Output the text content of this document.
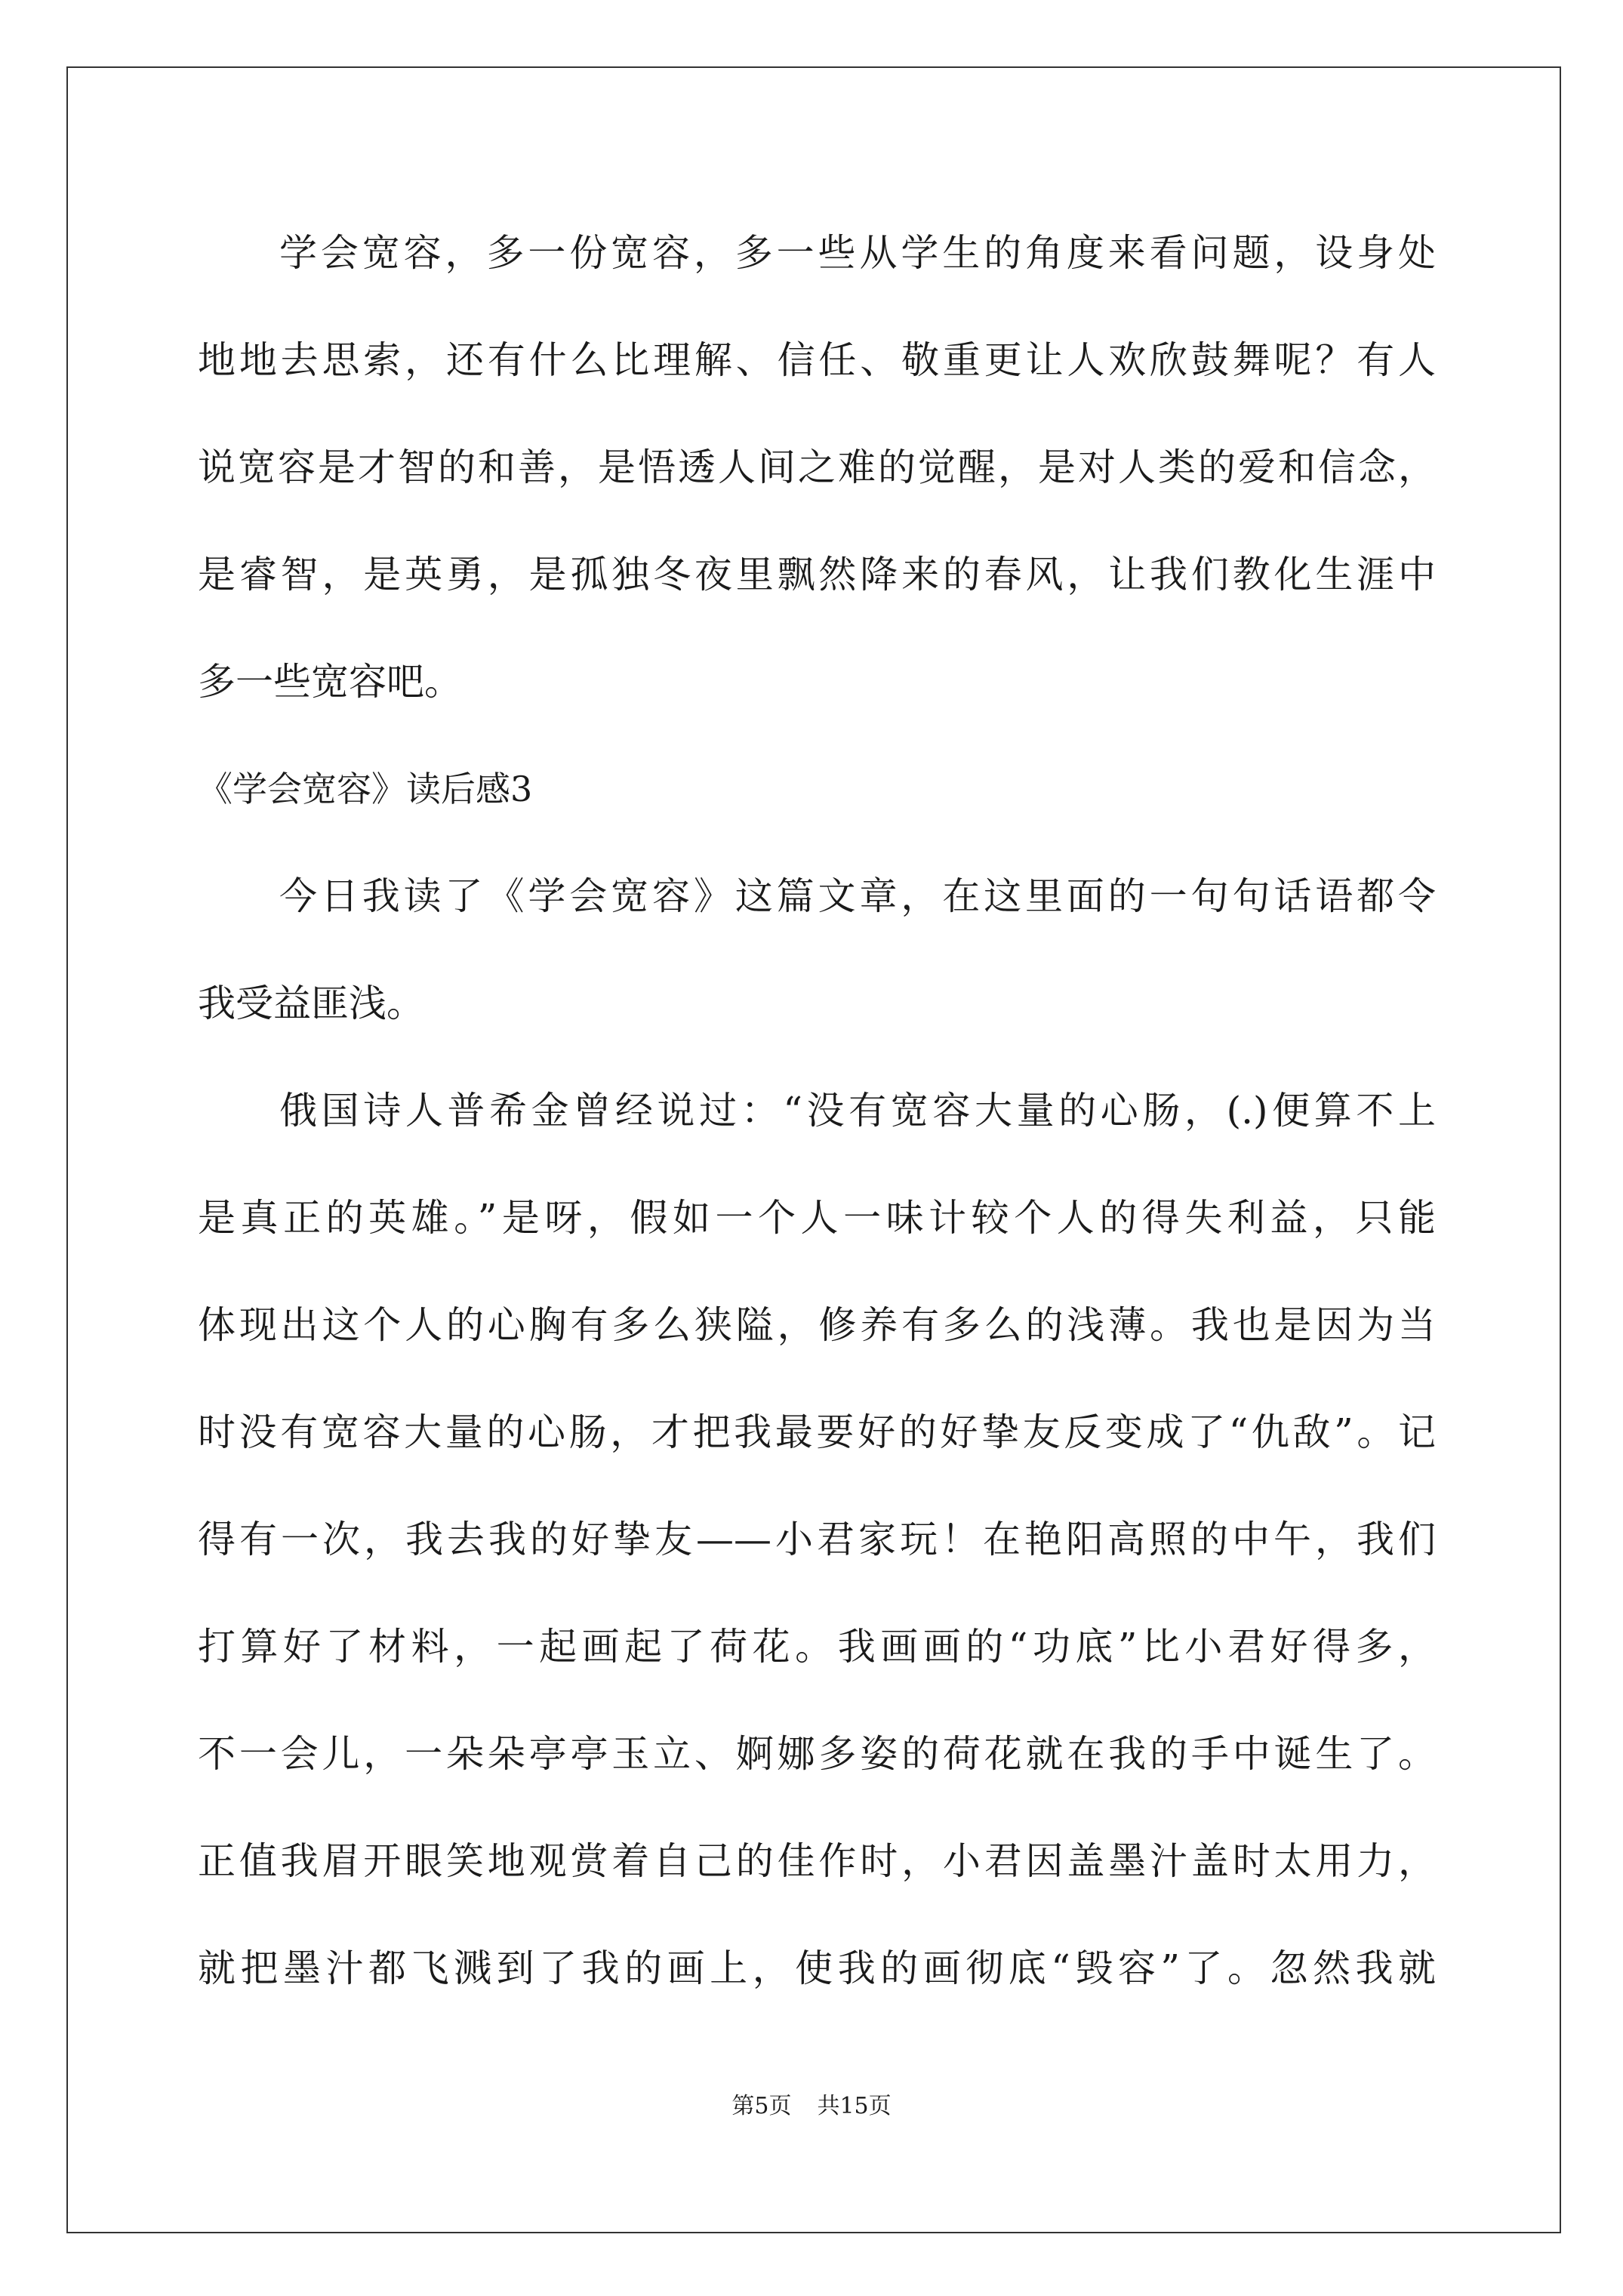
学会宽容，多一份宽容，多一些从学生的角度来看问题，设身处
地地去思索，还有什么比理解、信任、敬重更让人欢欣鼓舞呢？有人
说宽容是才智的和善，是悟透人间之难的觉醒，是对人类的爱和信念，
是睿智，是英勇，是孤独冬夜里飘然降来的春风，让我们教化生涯中
多一些宽容吧。
《学会宽容》读后感3
今日我读了《学会宽容》这篇文章，在这里面的一句句话语都令
我受益匪浅。
俄国诗人普希金曾经说过：“没有宽容大量的心肠，(.)便算不上
是真正的英雄。”是呀，假如一个人一味计较个人的得失利益，只能
体现出这个人的心胸有多么狭隘，修养有多么的浅薄。我也是因为当
时没有宽容大量的心肠，才把我最要好的好挚友反变成了“仇敌”。记
得有一次，我去我的好挚友——小君家玩！在艳阳高照的中午，我们
打算好了材料，一起画起了荷花。我画画的“功底”比小君好得多，
不一会儿，一朵朵亭亭玉立、婀娜多姿的荷花就在我的手中诞生了。
正值我眉开眼笑地观赏着自己的佳作时，小君因盖墨汁盖时太用力，
就把墨汁都飞溅到了我的画上，使我的画彻底“毁容”了。忽然我就
第5页 共15页
